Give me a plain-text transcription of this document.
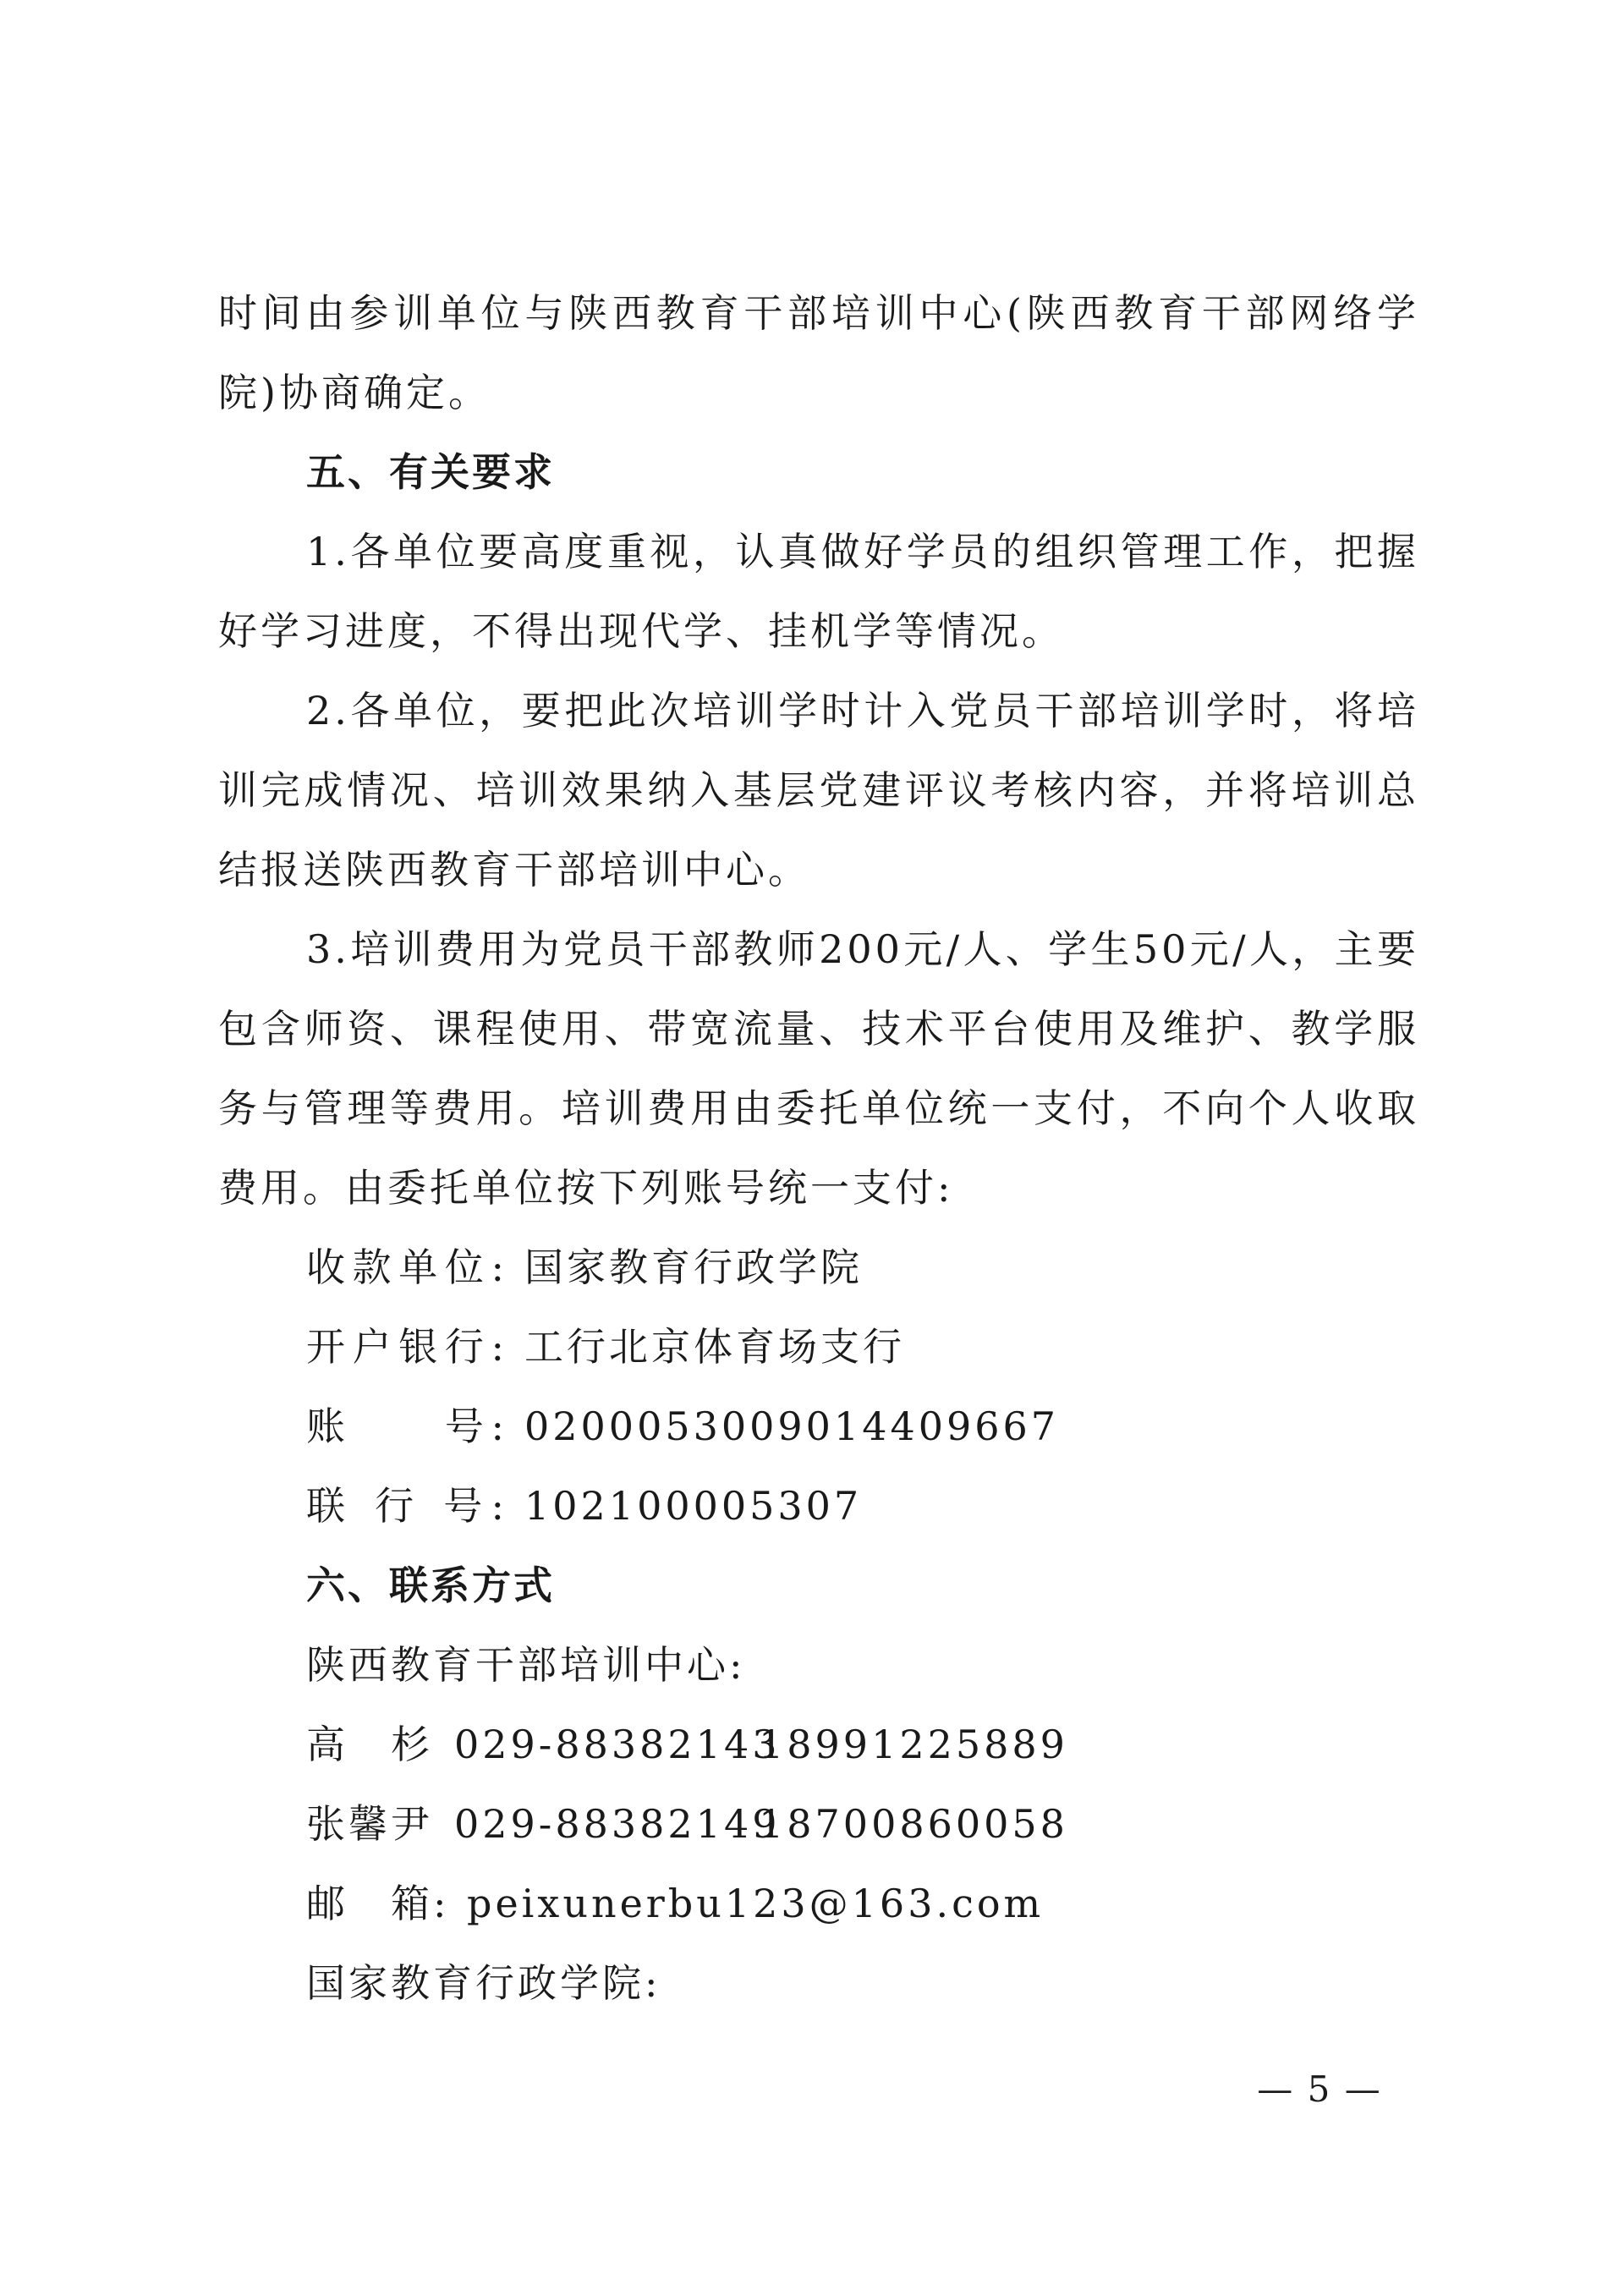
时间由参训单位与陕西教育干部培训中心(陕西教育干部网络学
院)协商确定。
五、有关要求
1.各单位要高度重视，认真做好学员的组织管理工作，把握
好学习进度，不得出现代学、挂机学等情况。
2.各单位，要把此次培训学时计入党员干部培训学时，将培
训完成情况、培训效果纳入基层党建评议考核内容，并将培训总
结报送陕西教育干部培训中心。
3.培训费用为党员干部教师200元/人、学生50元/人，主要
包含师资、课程使用、带宽流量、技术平台使用及维护、教学服
务与管理等费用。培训费用由委托单位统一支付，不向个人收取
费用。由委托单位按下列账号统一支付:
收款单位: 国家教育行政学院
开户银行: 工行北京体育场支行
账　　号: 0200053009014409667
联 行 号: 102100005307
六、联系方式
陕西教育干部培训中心:
高　杉 029-8838214318991225889
张馨尹 029-8838214918700860058
邮　箱: peixunerbu123@163.com
国家教育行政学院:
— 5 —
